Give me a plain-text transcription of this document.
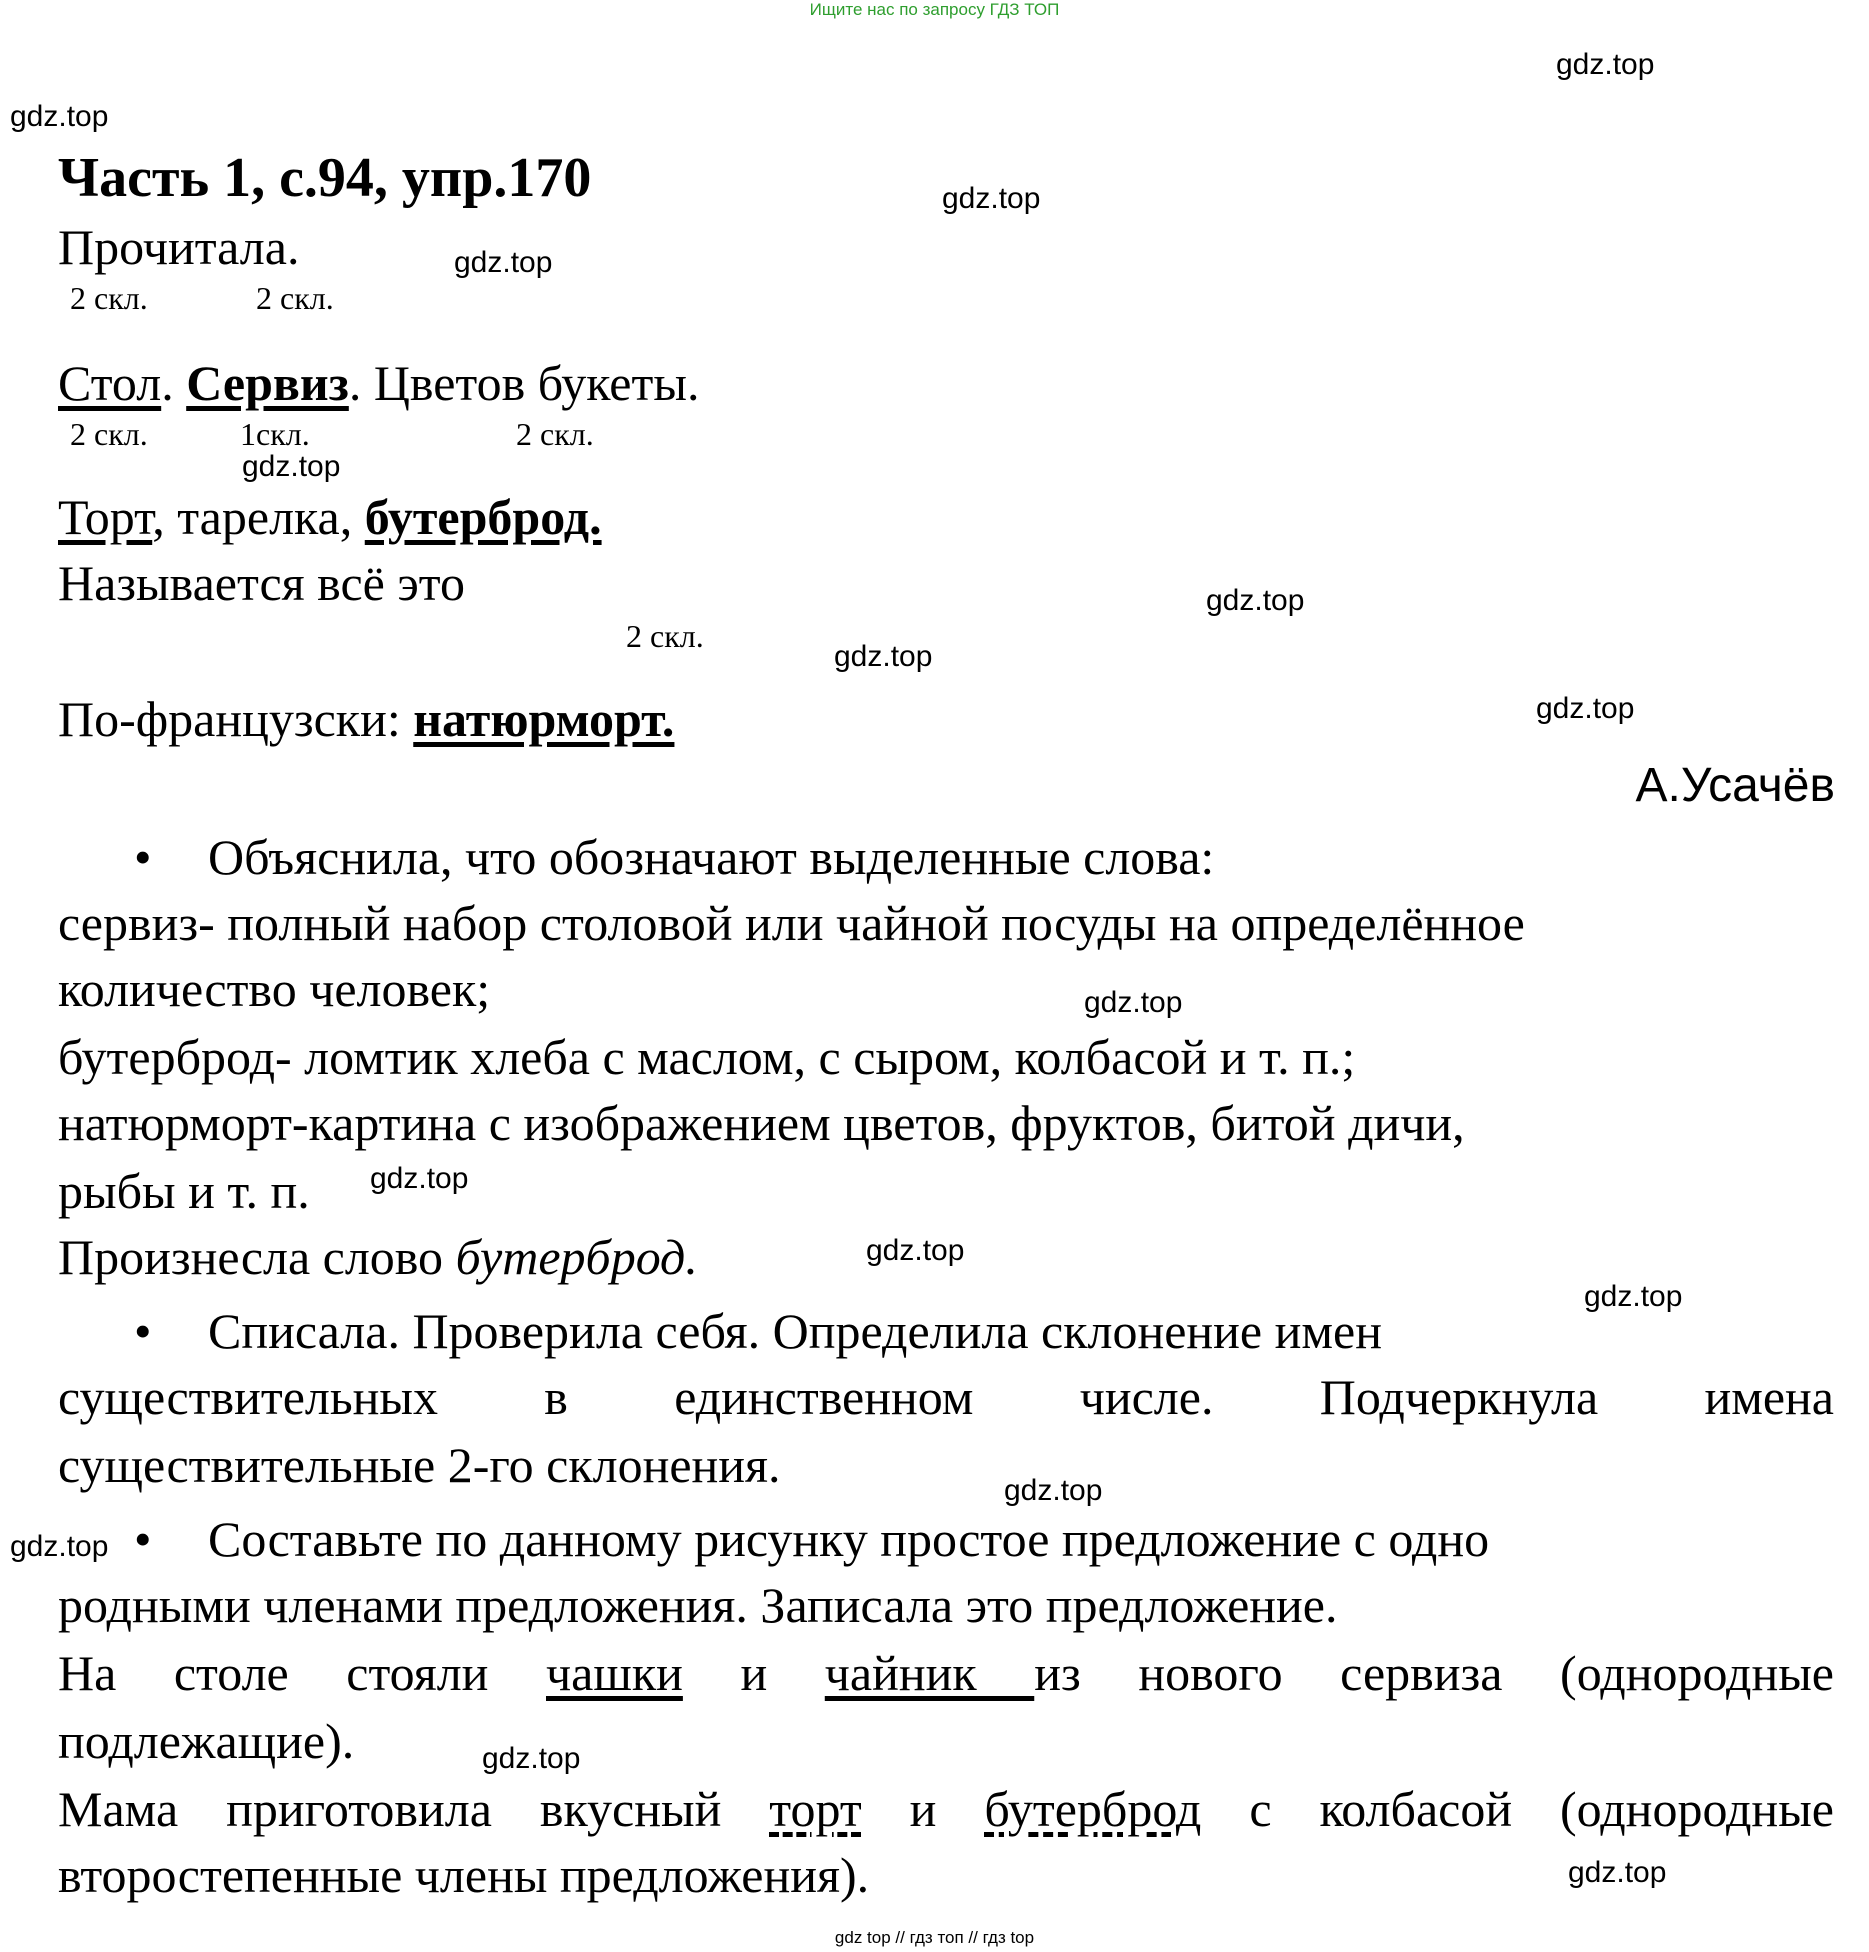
Ищите нас по запросу ГДЗ ТОП
gdz top // гдз топ // гдз top
gdz.top
gdz.top
gdz.top
gdz.top
gdz.top
gdz.top
gdz.top
gdz.top
gdz.top
gdz.top
gdz.top
gdz.top
gdz.top
gdz.top
gdz.top
gdz.top
Часть 1, с.94, упр.170
Прочитала.
2 скл.	2 скл.
Стол. Сервиз. Цветов букеты.
2 скл.	1скл.	2 скл.
Торт, тарелка, бутерброд.
Называется всё это
2 скл.
По-французски: натюрморт.
А.Усачёв
• Объяснила, что обозначают выделенные слова:
сервиз- полный набор столовой или чайной посуды на определённое
количество человек;
бутерброд- ломтик хлеба с маслом, с сыром, колбасой и т. п.;
натюрморт-картина с изображением цветов, фруктов, битой дичи,
рыбы и т. п.
Произнесла слово бутерброд.
• Списала. Проверила себя. Определила склонение имен
существительных в единственном числе. Подчеркнула имена
существительные 2-го склонения.
• Составьте по данному рисунку простое предложение с одно
родными членами предложения. Записала это предложение.
На столе стояли чашки и чайник из нового сервиза (однородные
подлежащие).
Мама приготовила вкусный торт и бутерброд с колбасой (однородные
второстепенные члены предложения).
